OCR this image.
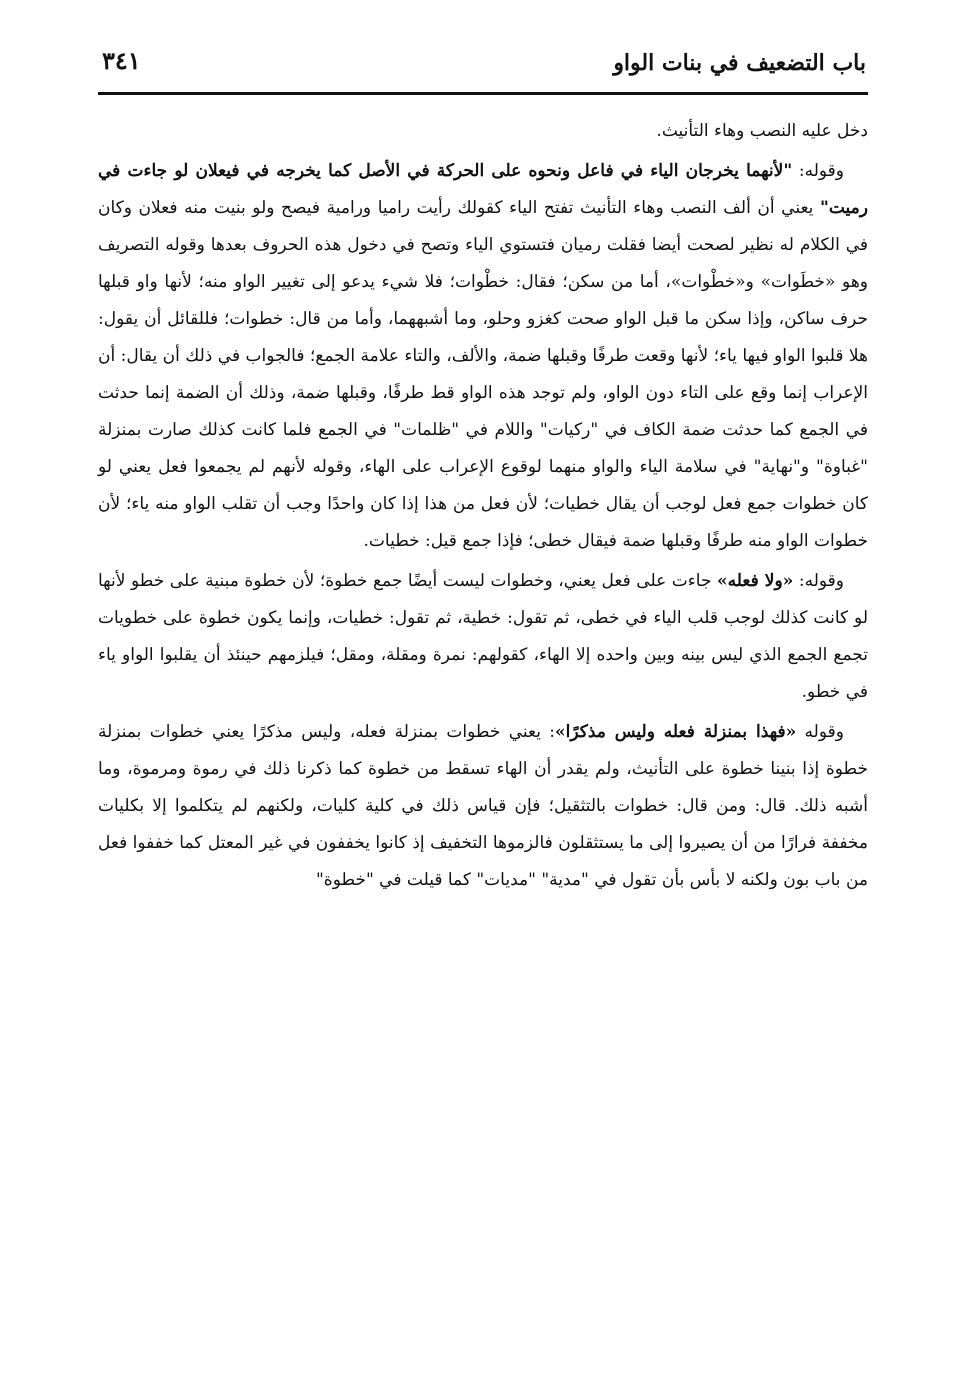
باب التضعيف في بنات الواو
٣٤١

دخل عليه النصب وهاء التأنيث.

وقوله: "لأنهما يخرجان الياء في فاعل ونحوه على الحركة في الأصل كما يخرجه في فيعلان لو جاءت في رميت" يعني أن ألف النصب وهاء التأنيث تفتح الياء كقولك رأيت راميا ورامية فيصح ولو بنيت منه فعلان وكان في الكلام له نظير لصحت أيضا فقلت رميان فتستوي الياء وتصح في دخول هذه الحروف بعدها وقوله التصريف وهو «خطَوات» و«خطْوات»، أما من سكن؛ فقال: خطْوات؛ فلا شيء يدعو إلى تغيير الواو منه؛ لأنها واو قبلها حرف ساكن، وإذا سكن ما قبل الواو صحت كغزو وحلو، وما أشبههما، وأما من قال: خطوات؛ فللقائل أن يقول: هلا قلبوا الواو فيها ياء؛ لأنها وقعت طرفًا وقبلها ضمة، والألف، والتاء علامة الجمع؛ فالجواب في ذلك أن يقال: أن الإعراب إنما وقع على التاء دون الواو، ولم توجد هذه الواو قط طرفًا، وقبلها ضمة، وذلك أن الضمة إنما حدثت في الجمع كما حدثت ضمة الكاف في "ركيات" واللام في "ظلمات" في الجمع فلما كانت كذلك صارت بمنزلة "غباوة" و"نهاية" في سلامة الياء والواو منهما لوقوع الإعراب على الهاء، وقوله لأنهم لم يجمعوا فعل يعني لو كان خطوات جمع فعل لوجب أن يقال خطيات؛ لأن فعل من هذا إذا كان واحدًا وجب أن تقلب الواو منه ياء؛ لأن خطوات الواو منه طرفًا وقبلها ضمة فيقال خطى؛ فإذا جمع قيل: خطيات.

وقوله: «ولا فعله» جاءت على فعل يعني، وخطوات ليست أيضًا جمع خطوة؛ لأن خطوة مبنية على خطو لأنها لو كانت كذلك لوجب قلب الياء في خطى، ثم تقول: خطية، ثم تقول: خطيات، وإنما يكون خطوة على خطويات تجمع الجمع الذي ليس بينه وبين واحده إلا الهاء، كقولهم: نمرة ومقلة، ومقل؛ فيلزمهم حينئذ أن يقلبوا الواو ياء في خطو.

وقوله «فهذا بمنزلة فعله وليس مذكرًا»: يعني خطوات بمنزلة فعله، وليس مذكرًا يعني خطوات بمنزلة خطوة إذا بنينا خطوة على التأنيث، ولم يقدر أن الهاء تسقط من خطوة كما ذكرنا ذلك في رموة ومرموة، وما أشبه ذلك. قال: ومن قال: خطوات بالتثقيل؛ فإن قياس ذلك في كلية كليات، ولكنهم لم يتكلموا إلا بكليات مخففة فرارًا من أن يصيروا إلى ما يستثقلون فالزموها التخفيف إذ كانوا يخففون في غير المعتل كما خففوا فعل من باب بون ولكنه لا بأس بأن تقول في "مدية" "مديات" كما قيلت في "خطوة"
